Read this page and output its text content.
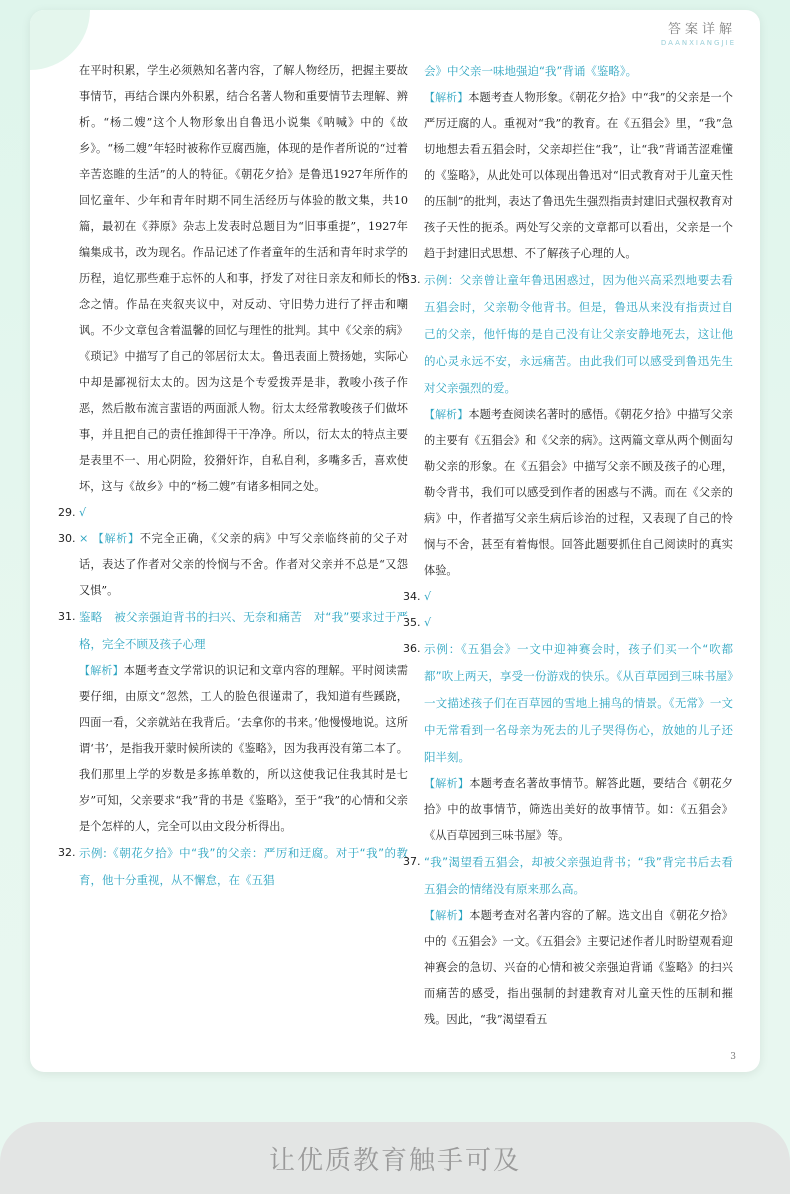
答案详解
DAANXIANGJIE
在平时积累，学生必须熟知名著内容，了解人物经历，把握主要故事情节，再结合课内外积累，结合名著人物和重要情节去理解、辨析。“杨二嫂”这个人物形象出自鲁迅小说集《呐喊》中的《故乡》。“杨二嫂”年轻时被称作豆腐西施，体现的是作者所说的“过着辛苦恣睢的生活”的人的特征。《朝花夕拾》是鲁迅1927年所作的回忆童年、少年和青年时期不同生活经历与体验的散文集，共10篇，最初在《莽原》杂志上发表时总题目为“旧事重提”，1927年编集成书，改为现名。作品记述了作者童年的生活和青年时求学的历程，追忆那些难于忘怀的人和事，抒发了对往日亲友和师长的怀念之情。作品在夹叙夹议中，对反动、守旧势力进行了抨击和嘲讽。不少文章包含着温馨的回忆与理性的批判。其中《父亲的病》《琐记》中描写了自己的邻居衍太太。鲁迅表面上赞扬她，实际心中却是鄙视衍太太的。因为这是个专爱拨弄是非，教唆小孩子作恶，然后散布流言蜚语的两面派人物。衍太太经常教唆孩子们做坏事，并且把自己的责任推卸得干干净净。所以，衍太太的特点主要是表里不一、用心阴险，狡猾奸诈，自私自利，多嘴多舌，喜欢使坏，这与《故乡》中的“杨二嫂”有诸多相同之处。
29. √
30. × 【解析】不完全正确，《父亲的病》中写父亲临终前的父子对话，表达了作者对父亲的怜悯与不舍。作者对父亲并不总是“又怨又惧”。
31. 鉴略　被父亲强迫背书的扫兴、无奈和痛苦　对“我”要求过于严格，完全不顾及孩子心理
【解析】本题考查文学常识的识记和文章内容的理解。平时阅读需要仔细，由原文“忽然，工人的脸色很谨肃了，我知道有些蹊跷，四面一看，父亲就站在我背后。‘去拿你的书来。’他慢慢地说。这所谓‘书’，是指我开蒙时候所读的《鉴略》，因为我再没有第二本了。我们那里上学的岁数是多拣单数的，所以这使我记住我其时是七岁”可知，父亲要求“我”背的书是《鉴略》，至于“我”的心情和父亲是个怎样的人，完全可以由文段分析得出。
32. 示例:《朝花夕拾》中“我”的父亲：严厉和迂腐。对于“我”的教育，他十分重视，从不懈怠，在《五猖
会》中父亲一味地强迫“我”背诵《鉴略》。
【解析】本题考查人物形象。《朝花夕拾》中“我”的父亲是一个严厉迂腐的人。重视对“我”的教育。在《五猖会》里，“我”急切地想去看五猖会时，父亲却拦住“我”，让“我”背诵苦涩难懂的《鉴略》，从此处可以体现出鲁迅对“旧式教育对于儿童天性的压制”的批判，表达了鲁迅先生强烈指责封建旧式强权教育对孩子天性的扼杀。两处写父亲的文章都可以看出，父亲是一个趋于封建旧式思想、不了解孩子心理的人。
33. 示例：父亲曾让童年鲁迅困惑过，因为他兴高采烈地要去看五猖会时，父亲勒令他背书。但是，鲁迅从来没有指责过自己的父亲，他忏悔的是自己没有让父亲安静地死去，这让他的心灵永远不安，永远痛苦。由此我们可以感受到鲁迅先生对父亲强烈的爱。
【解析】本题考查阅读名著时的感悟。《朝花夕拾》中描写父亲的主要有《五猖会》和《父亲的病》。这两篇文章从两个侧面勾勒父亲的形象。在《五猖会》中描写父亲不顾及孩子的心理，勒令背书，我们可以感受到作者的困惑与不满。而在《父亲的病》中，作者描写父亲生病后诊治的过程，又表现了自己的怜悯与不舍，甚至有着悔恨。回答此题要抓住自己阅读时的真实体验。
34. √
35. √
36. 示例：《五猖会》一文中迎神赛会时，孩子们买一个“吹都都”吹上两天，享受一份游戏的快乐。《从百草园到三味书屋》一文描述孩子们在百草园的雪地上捕鸟的情景。《无常》一文中无常看到一名母亲为死去的儿子哭得伤心，放她的儿子还阳半刻。
【解析】本题考查名著故事情节。解答此题，要结合《朝花夕拾》中的故事情节，筛选出美好的故事情节。如：《五猖会》《从百草园到三味书屋》等。
37. “我”渴望看五猖会，却被父亲强迫背书；“我”背完书后去看五猖会的情绪没有原来那么高。
【解析】本题考查对名著内容的了解。选文出自《朝花夕拾》中的《五猖会》一文。《五猖会》主要记述作者儿时盼望观看迎神赛会的急切、兴奋的心情和被父亲强迫背诵《鉴略》的扫兴而痛苦的感受，指出强制的封建教育对儿童天性的压制和摧残。因此，“我”渴望看五
3
让优质教育触手可及
